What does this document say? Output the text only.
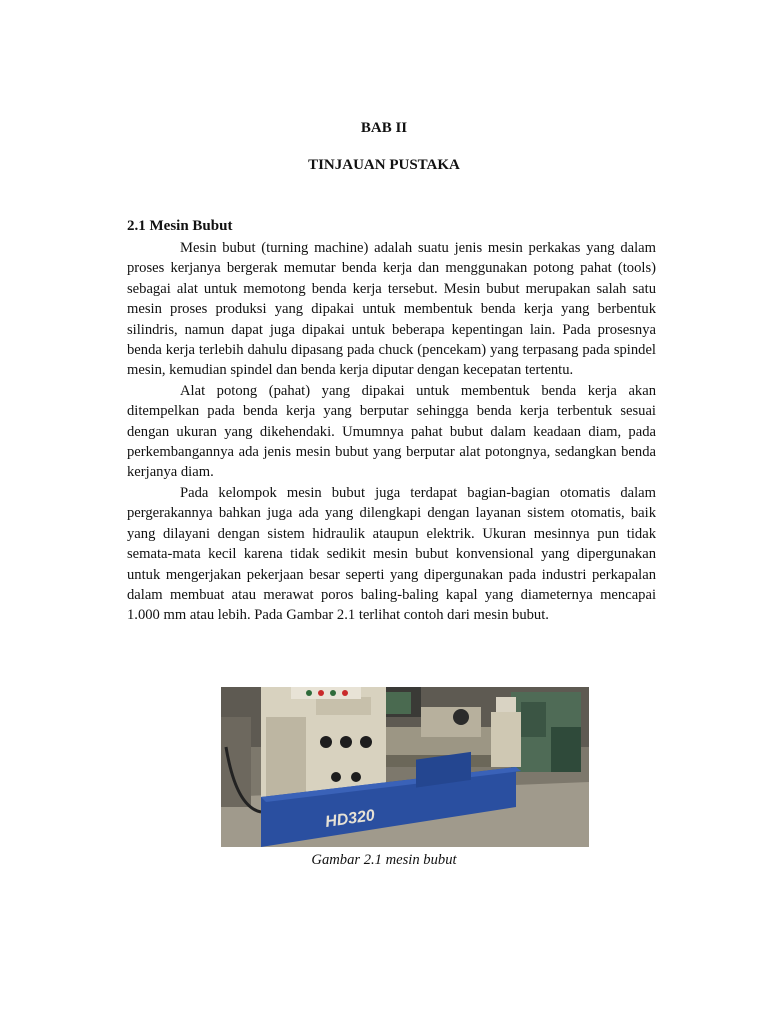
BAB II
TINJAUAN PUSTAKA
2.1 Mesin Bubut

Mesin bubut (turning machine) adalah suatu jenis mesin perkakas yang dalam proses kerjanya bergerak memutar benda kerja dan menggunakan potong pahat (tools) sebagai alat untuk memotong benda kerja tersebut. Mesin bubut merupakan salah satu mesin proses produksi yang dipakai untuk membentuk benda kerja yang berbentuk silindris, namun dapat juga dipakai untuk beberapa kepentingan lain. Pada prosesnya benda kerja terlebih dahulu dipasang pada chuck (pencekam) yang terpasang pada spindel mesin, kemudian spindel dan benda kerja diputar dengan kecepatan tertentu.

Alat potong (pahat) yang dipakai untuk membentuk benda kerja akan ditempelkan pada benda kerja yang berputar sehingga benda kerja terbentuk sesuai dengan ukuran yang dikehendaki. Umumnya pahat bubut dalam keadaan diam, pada perkembangannya ada jenis mesin bubut yang berputar alat potongnya, sedangkan benda kerjanya diam.

Pada kelompok mesin bubut juga terdapat bagian-bagian otomatis dalam pergerakannya bahkan juga ada yang dilengkapi dengan layanan sistem otomatis, baik yang dilayani dengan sistem hidraulik ataupun elektrik. Ukuran mesinnya pun tidak semata-mata kecil karena tidak sedikit mesin bubut konvensional yang dipergunakan untuk mengerjakan pekerjaan besar seperti yang dipergunakan pada industri perkapalan dalam membuat atau merawat poros baling-baling kapal yang diameternya mencapai 1.000 mm atau lebih. Pada Gambar 2.1 terlihat contoh dari mesin bubut.

HD320
Gambar 2.1 mesin bubut
